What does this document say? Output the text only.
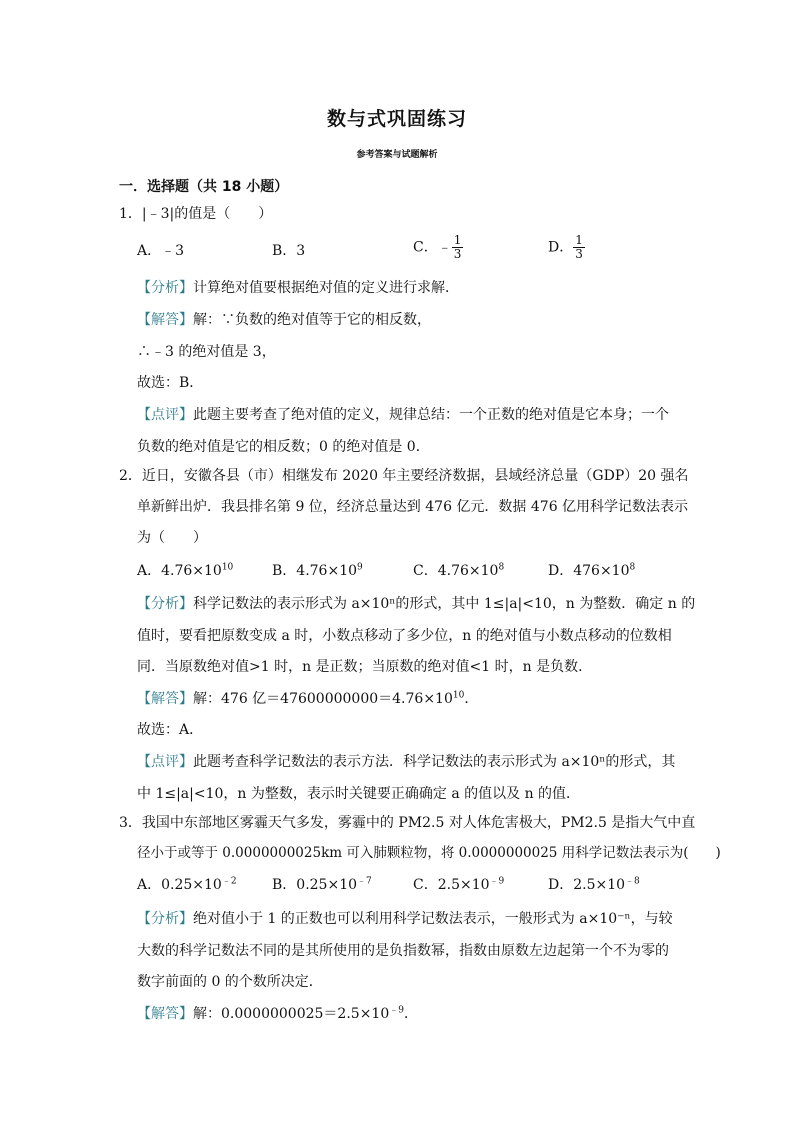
数与式巩固练习
参考答案与试题解析
一．选择题（共 18 小题）
1．|﹣3|的值是（　　）
A．﹣3	B．3	C．﹣ $\frac{1}{3}$	D． $\frac{1}{3}$
【分析】计算绝对值要根据绝对值的定义进行求解．
【解答】解：∵负数的绝对值等于它的相反数，
∴﹣3 的绝对值是 3，
故选：B．
【点评】此题主要考查了绝对值的定义，规律总结：一个正数的绝对值是它本身；一个
负数的绝对值是它的相反数；0 的绝对值是 0．
2．近日，安徽各县（市）相继发布 2020 年主要经济数据，县域经济总量（GDP）20 强名
单新鲜出炉．我县排名第 9 位，经济总量达到 476 亿元．数据 476 亿用科学记数法表示
为（　　）
A．$4.76\times 10^{10}$	B．$4.76\times 10^9$	C．$4.76\times 10^8$	D．$476\times 10^8$
【分析】科学记数法的表示形式为 a×10ⁿ的形式，其中 1≤|a|<10，n 为整数．确定 n 的
值时，要看把原数变成 a 时，小数点移动了多少位，n 的绝对值与小数点移动的位数相
同．当原数绝对值>1 时，n 是正数；当原数的绝对值<1 时，n 是负数．
【解答】解：476 亿$=47600000000=4.76\times 10^{10}$．
故选：A．
【点评】此题考查科学记数法的表示方法．科学记数法的表示形式为 a×10ⁿ的形式，其
中 1≤|a|<10，n 为整数，表示时关键要正确确定 a 的值以及 n 的值．
3．我国中东部地区雾霾天气多发，雾霾中的 PM2.5 对人体危害极大，PM2.5 是指大气中直
径小于或等于 0.0000000025km 可入肺颗粒物，将 0.0000000025 用科学记数法表示为(　　)
A．$0.25\times 10^{﹣2}$	B．$0.25\times 10^{﹣7}$	C．$2.5\times 10^{﹣9}$	D．$2.5\times 10^{﹣8}$
【分析】绝对值小于 1 的正数也可以利用科学记数法表示，一般形式为 a×10⁻ⁿ，与较
大数的科学记数法不同的是其所使用的是负指数幂，指数由原数左边起第一个不为零的
数字前面的 0 的个数所决定．
【解答】解：$0.0000000025=2.5\times 10^{﹣9}$．
